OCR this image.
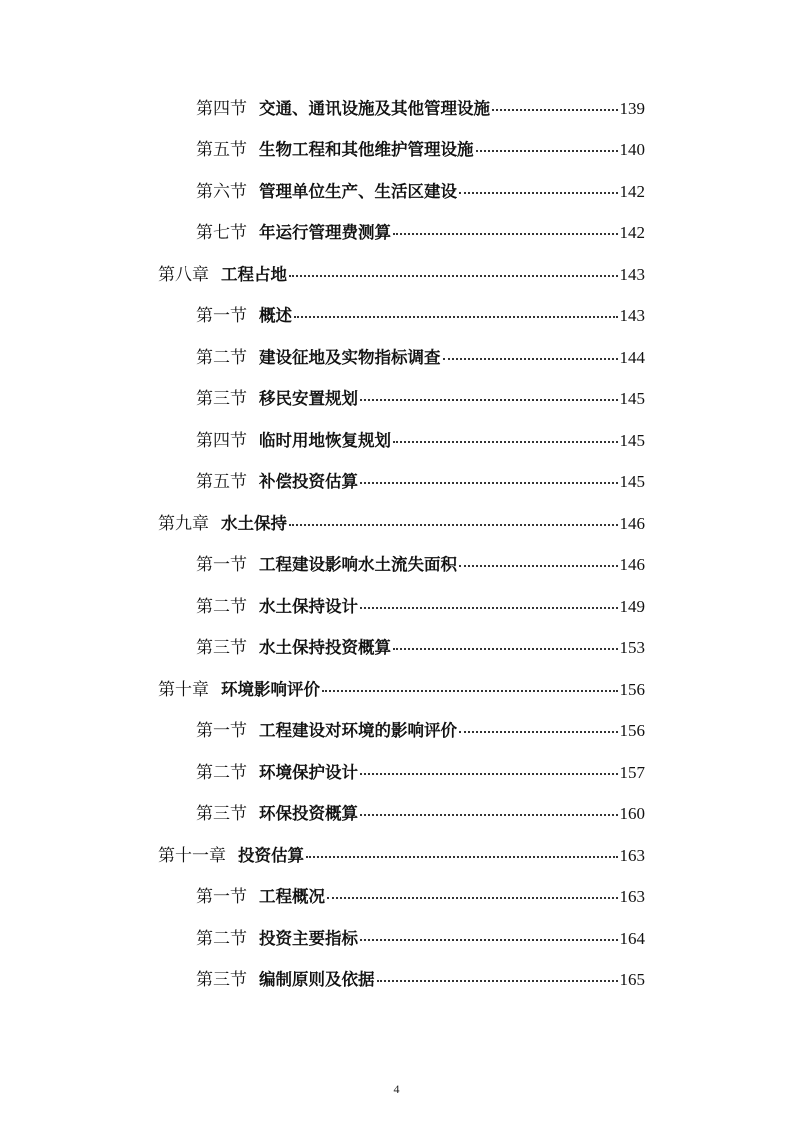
第四节 交通、通讯设施及其他管理设施	139
第五节 生物工程和其他维护管理设施	140
第六节 管理单位生产、生活区建设	142
第七节 年运行管理费测算	142
第八章 工程占地	143
第一节 概述	143
第二节 建设征地及实物指标调查	144
第三节 移民安置规划	145
第四节 临时用地恢复规划	145
第五节 补偿投资估算	145
第九章 水土保持	146
第一节 工程建设影响水土流失面积	146
第二节 水土保持设计	149
第三节 水土保持投资概算	153
第十章 环境影响评价	156
第一节 工程建设对环境的影响评价	156
第二节 环境保护设计	157
第三节 环保投资概算	160
第十一章 投资估算	163
第一节 工程概况	163
第二节 投资主要指标	164
第三节 编制原则及依据	165
4
